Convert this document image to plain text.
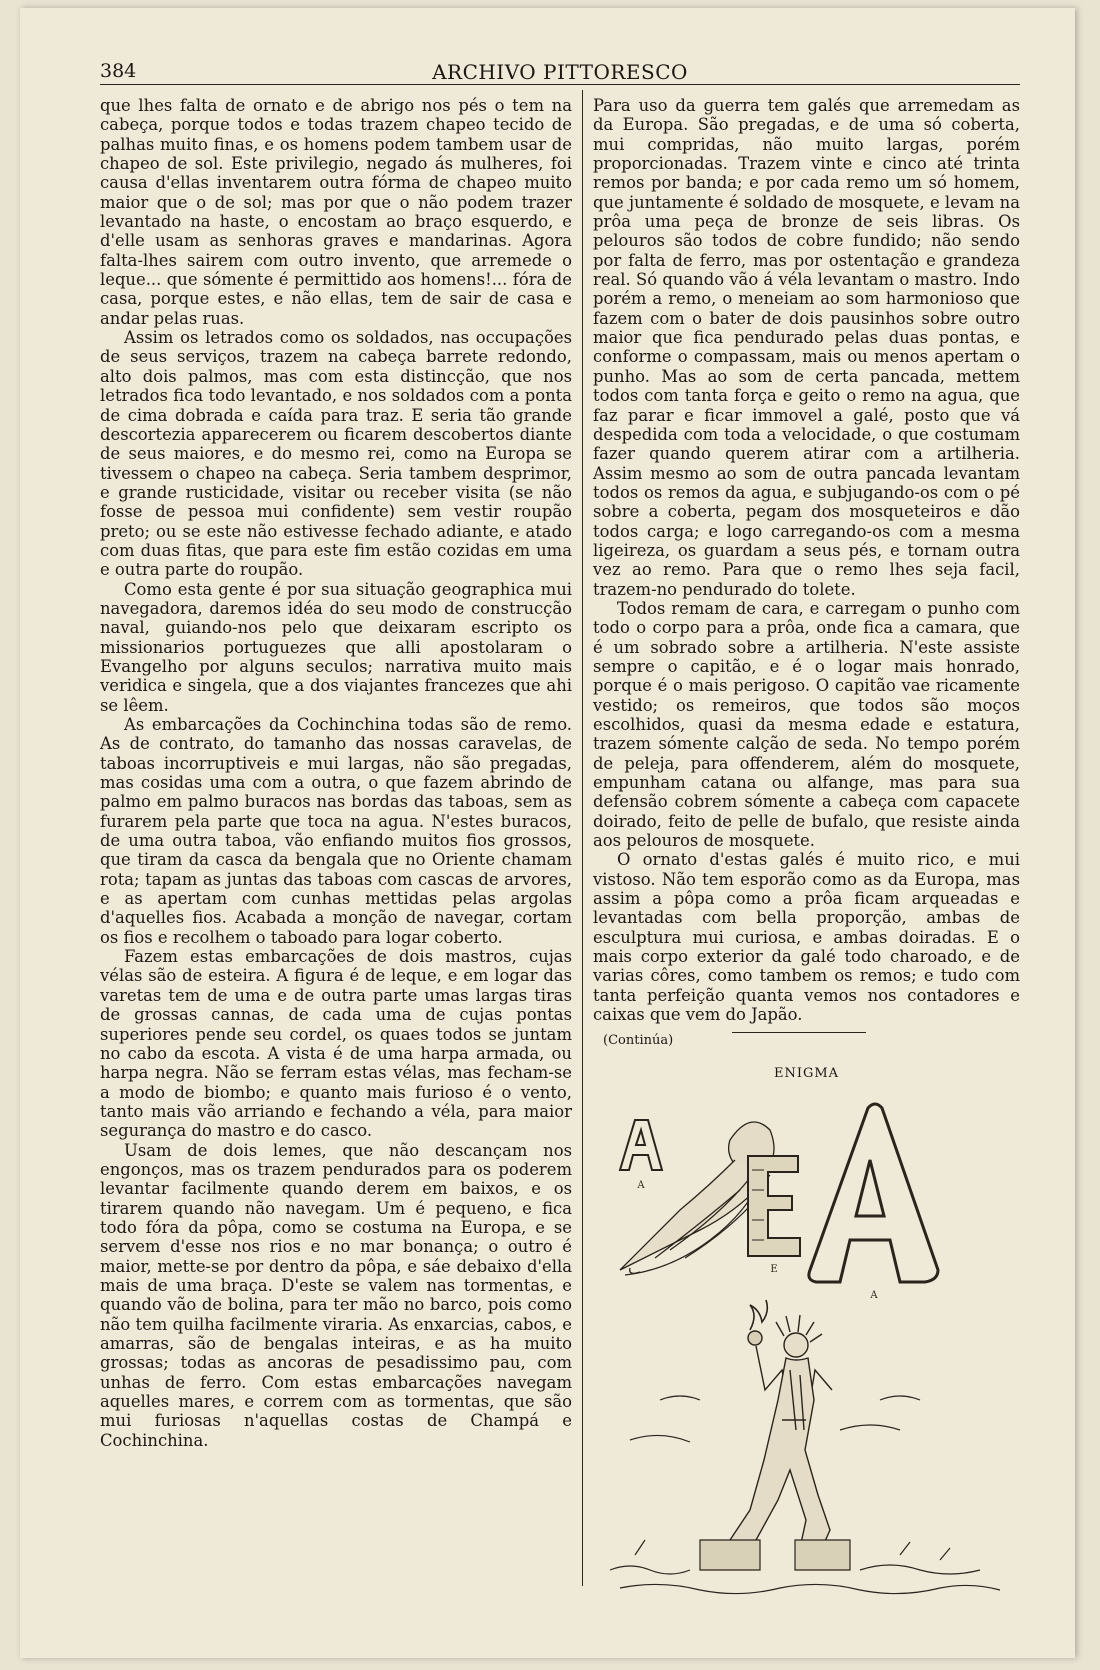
384	ARCHIVO PITTORESCO

que lhes falta de ornato e de abrigo nos pés o tem na cabeça, porque todos e todas trazem chapeo tecido de palhas muito finas, e os homens podem tambem usar de chapeo de sol. Este privilegio, negado ás mulheres, foi causa d'ellas inventarem outra fórma de chapeo muito maior que o de sol; mas por que o não podem trazer levantado na haste, o encostam ao braço esquerdo, e d'elle usam as senhoras graves e mandarinas. Agora falta-lhes sairem com outro invento, que arremede o leque... que sómente é permittido aos homens!... fóra de casa, porque estes, e não ellas, tem de sair de casa e andar pelas ruas.

Assim os letrados como os soldados, nas occupações de seus serviços, trazem na cabeça barrete redondo, alto dois palmos, mas com esta distincção, que nos letrados fica todo levantado, e nos soldados com a ponta de cima dobrada e caída para traz. E seria tão grande descortezia apparecerem ou ficarem descobertos diante de seus maiores, e do mesmo rei, como na Europa se tivessem o chapeo na cabeça. Seria tambem desprimor, e grande rusticidade, visitar ou receber visita (se não fosse de pessoa mui confidente) sem vestir roupão preto; ou se este não estivesse fechado adiante, e atado com duas fitas, que para este fim estão cozidas em uma e outra parte do roupão.

Como esta gente é por sua situação geographica mui navegadora, daremos idéa do seu modo de construcção naval, guiando-nos pelo que deixaram escripto os missionarios portuguezes que alli apostolaram o Evangelho por alguns seculos; narrativa muito mais veridica e singela, que a dos viajantes francezes que ahi se lêem.

As embarcações da Cochinchina todas são de remo. As de contrato, do tamanho das nossas caravelas, de taboas incorruptiveis e mui largas, não são pregadas, mas cosidas uma com a outra, o que fazem abrindo de palmo em palmo buracos nas bordas das taboas, sem as furarem pela parte que toca na agua. N'estes buracos, de uma outra taboa, vão enfiando muitos fios grossos, que tiram da casca da bengala que no Oriente chamam rota; tapam as juntas das taboas com cascas de arvores, e as apertam com cunhas mettidas pelas argolas d'aquelles fios. Acabada a monção de navegar, cortam os fios e recolhem o taboado para logar coberto.

Fazem estas embarcações de dois mastros, cujas vélas são de esteira. A figura é de leque, e em logar das varetas tem de uma e de outra parte umas largas tiras de grossas cannas, de cada uma de cujas pontas superiores pende seu cordel, os quaes todos se juntam no cabo da escota. A vista é de uma harpa armada, ou harpa negra. Não se ferram estas vélas, mas fecham-se a modo de biombo; e quanto mais furioso é o vento, tanto mais vão arriando e fechando a véla, para maior segurança do mastro e do casco.

Usam de dois lemes, que não descançam nos engonços, mas os trazem pendurados para os poderem levantar facilmente quando derem em baixos, e os tirarem quando não navegam. Um é pequeno, e fica todo fóra da pôpa, como se costuma na Europa, e se servem d'esse nos rios e no mar bonança; o outro é maior, mette-se por dentro da pôpa, e sáe debaixo d'ella mais de uma braça. D'este se valem nas tormentas, e quando vão de bolina, para ter mão no barco, pois como não tem quilha facilmente viraria. As enxarcias, cabos, e amarras, são de bengalas inteiras, e as ha muito grossas; todas as ancoras de pesadissimo pau, com unhas de ferro. Com estas embarcações navegam aquelles mares, e correm com as tormentas, que são mui furiosas n'aquellas costas de Champá e Cochinchina.

Para uso da guerra tem galés que arremedam as da Europa. São pregadas, e de uma só coberta, mui compridas, não muito largas, porém proporcionadas. Trazem vinte e cinco até trinta remos por banda; e por cada remo um só homem, que juntamente é soldado de mosquete, e levam na prôa uma peça de bronze de seis libras. Os pelouros são todos de cobre fundido; não sendo por falta de ferro, mas por ostentação e grandeza real. Só quando vão á véla levantam o mastro. Indo porém a remo, o meneiam ao som harmonioso que fazem com o bater de dois pausinhos sobre outro maior que fica pendurado pelas duas pontas, e conforme o compassam, mais ou menos apertam o punho. Mas ao som de certa pancada, mettem todos com tanta força e geito o remo na agua, que faz parar e ficar immovel a galé, posto que vá despedida com toda a velocidade, o que costumam fazer quando querem atirar com a artilheria. Assim mesmo ao som de outra pancada levantam todos os remos da agua, e subjugando-os com o pé sobre a coberta, pegam dos mosqueteiros e dão todos carga; e logo carregando-os com a mesma ligeireza, os guardam a seus pés, e tornam outra vez ao remo. Para que o remo lhes seja facil, trazem-no pendurado do tolete.

Todos remam de cara, e carregam o punho com todo o corpo para a prôa, onde fica a camara, que é um sobrado sobre a artilheria. N'este assiste sempre o capitão, e é o logar mais honrado, porque é o mais perigoso. O capitão vae ricamente vestido; os remeiros, que todos são moços escolhidos, quasi da mesma edade e estatura, trazem sómente calção de seda. No tempo porém de peleja, para offenderem, além do mosquete, empunham catana ou alfange, mas para sua defensão cobrem sómente a cabeça com capacete doirado, feito de pelle de bufalo, que resiste ainda aos pelouros de mosquete.

O ornato d'estas galés é muito rico, e mui vistoso. Não tem esporão como as da Europa, mas assim a pôpa como a prôa ficam arqueadas e levantadas com bella proporção, ambas de esculptura mui curiosa, e ambas doiradas. E o mais corpo exterior da galé todo charoado, e de varias côres, como tambem os remos; e tudo com tanta perfeição quanta vemos nos contadores e caixas que vem do Japão.

(Continúa)

ENIGMA
A
E
A
